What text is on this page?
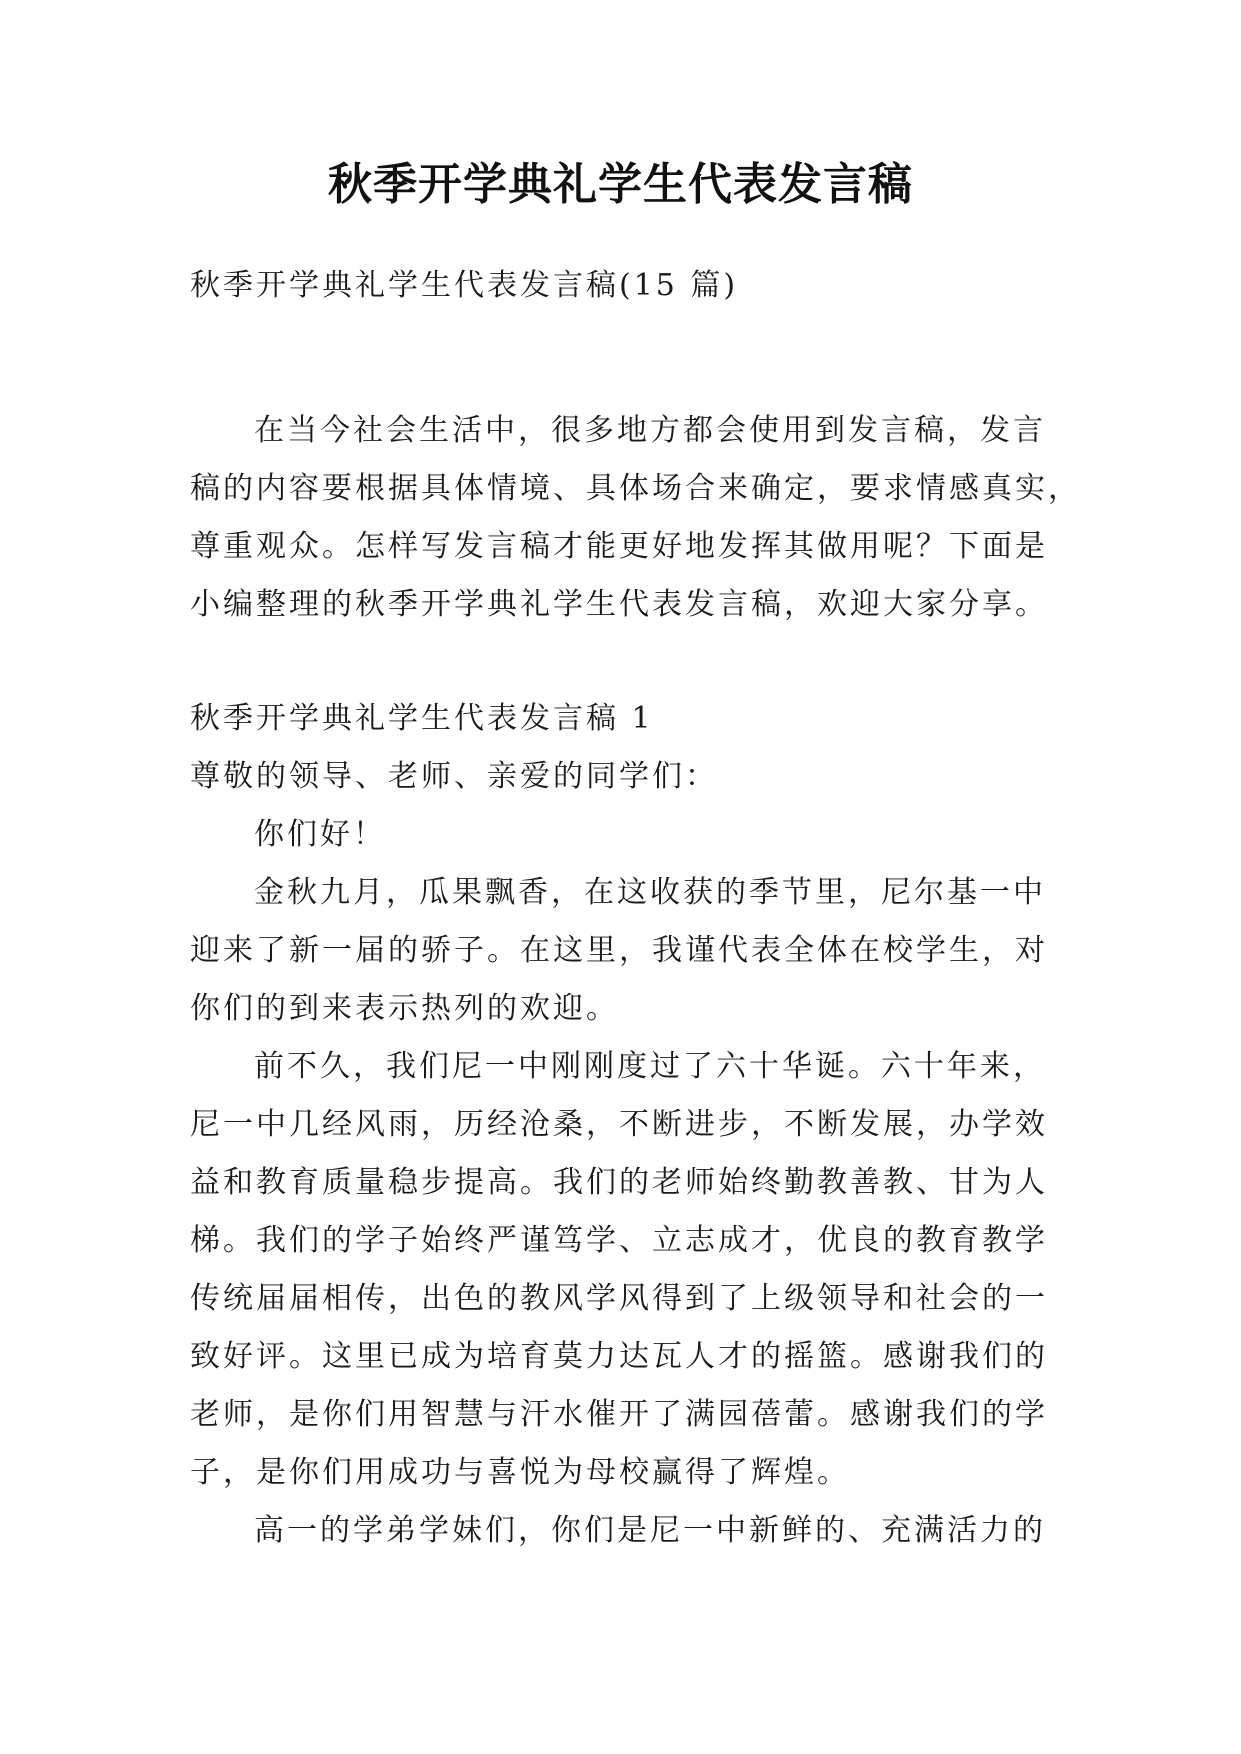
秋季开学典礼学生代表发言稿
秋季开学典礼学生代表发言稿(15 篇)
在当今社会生活中，很多地方都会使用到发言稿，发言
稿的内容要根据具体情境、具体场合来确定，要求情感真实，
尊重观众。怎样写发言稿才能更好地发挥其做用呢？下面是
小编整理的秋季开学典礼学生代表发言稿，欢迎大家分享。
秋季开学典礼学生代表发言稿 1
尊敬的领导、老师、亲爱的同学们：
你们好！
金秋九月，瓜果飘香，在这收获的季节里，尼尔基一中
迎来了新一届的骄子。在这里，我谨代表全体在校学生，对
你们的到来表示热列的欢迎。
前不久，我们尼一中刚刚度过了六十华诞。六十年来，
尼一中几经风雨，历经沧桑，不断进步，不断发展，办学效
益和教育质量稳步提高。我们的老师始终勤教善教、甘为人
梯。我们的学子始终严谨笃学、立志成才，优良的教育教学
传统届届相传，出色的教风学风得到了上级领导和社会的一
致好评。这里已成为培育莫力达瓦人才的摇篮。感谢我们的
老师，是你们用智慧与汗水催开了满园蓓蕾。感谢我们的学
子，是你们用成功与喜悦为母校赢得了辉煌。
高一的学弟学妹们，你们是尼一中新鲜的、充满活力的
